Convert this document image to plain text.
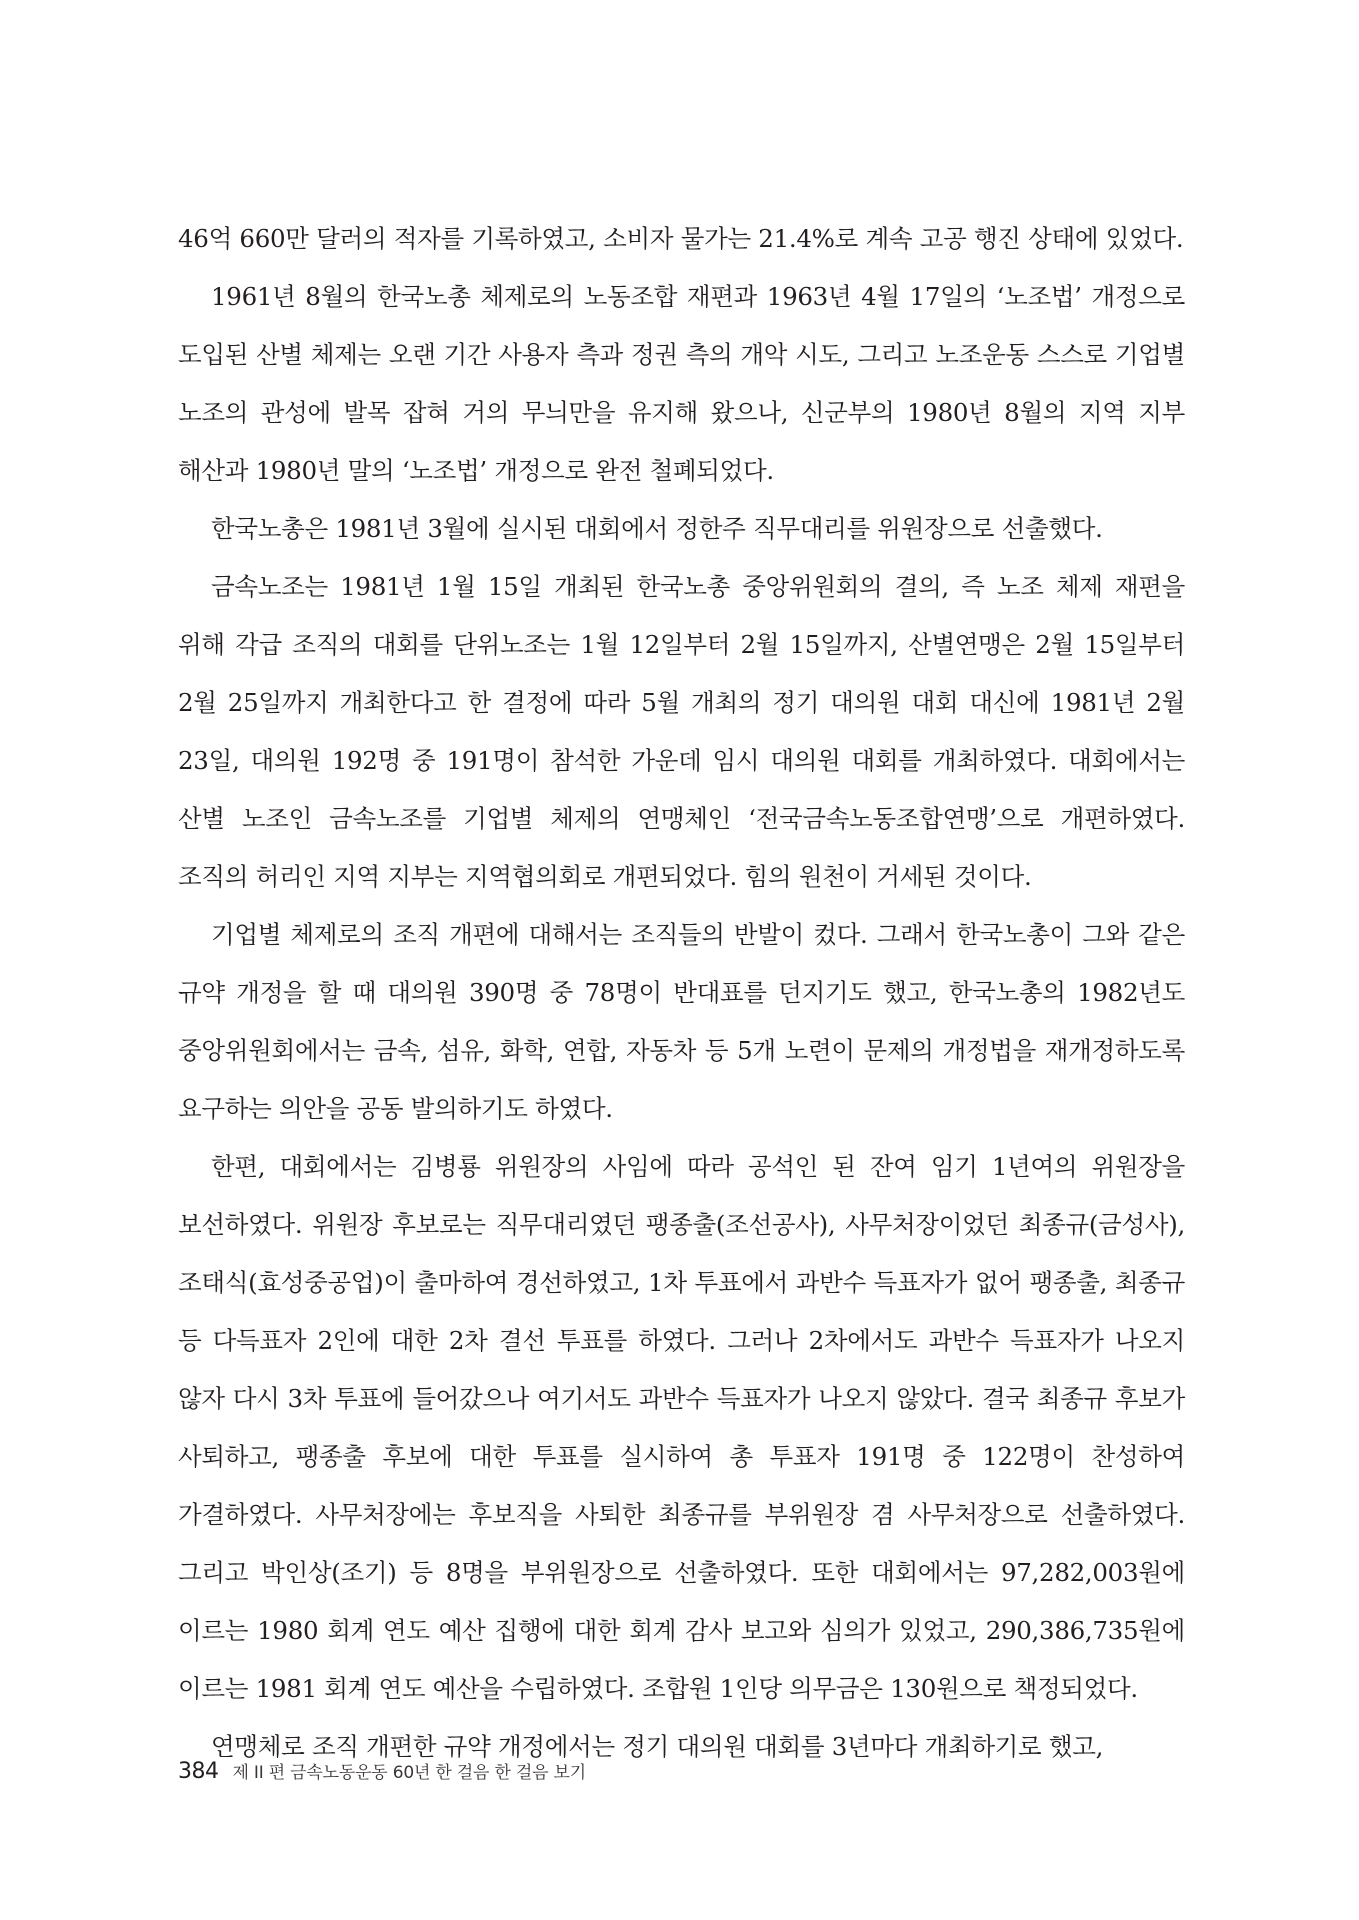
46억 660만 달러의 적자를 기록하였고, 소비자 물가는 21.4%로 계속 고공 행진 상태에 있었다.

1961년 8월의 한국노총 체제로의 노동조합 재편과 1963년 4월 17일의 ‘노조법’ 개정으로 도입된 산별 체제는 오랜 기간 사용자 측과 정권 측의 개악 시도, 그리고 노조운동 스스로 기업별 노조의 관성에 발목 잡혀 거의 무늬만을 유지해 왔으나, 신군부의 1980년 8월의 지역 지부 해산과 1980년 말의 ‘노조법’ 개정으로 완전 철폐되었다.

한국노총은 1981년 3월에 실시된 대회에서 정한주 직무대리를 위원장으로 선출했다.

금속노조는 1981년 1월 15일 개최된 한국노총 중앙위원회의 결의, 즉 노조 체제 재편을 위해 각급 조직의 대회를 단위노조는 1월 12일부터 2월 15일까지, 산별연맹은 2월 15일부터 2월 25일까지 개최한다고 한 결정에 따라 5월 개최의 정기 대의원 대회 대신에 1981년 2월 23일, 대의원 192명 중 191명이 참석한 가운데 임시 대의원 대회를 개최하였다. 대회에서는 산별 노조인 금속노조를 기업별 체제의 연맹체인 ‘전국금속노동조합연맹’으로 개편하였다. 조직의 허리인 지역 지부는 지역협의회로 개편되었다. 힘의 원천이 거세된 것이다.

기업별 체제로의 조직 개편에 대해서는 조직들의 반발이 컸다. 그래서 한국노총이 그와 같은 규약 개정을 할 때 대의원 390명 중 78명이 반대표를 던지기도 했고, 한국노총의 1982년도 중앙위원회에서는 금속, 섬유, 화학, 연합, 자동차 등 5개 노련이 문제의 개정법을 재개정하도록 요구하는 의안을 공동 발의하기도 하였다.

한편, 대회에서는 김병룡 위원장의 사임에 따라 공석인 된 잔여 임기 1년여의 위원장을 보선하였다. 위원장 후보로는 직무대리였던 팽종출(조선공사), 사무처장이었던 최종규(금성사), 조태식(효성중공업)이 출마하여 경선하였고, 1차 투표에서 과반수 득표자가 없어 팽종출, 최종규 등 다득표자 2인에 대한 2차 결선 투표를 하였다. 그러나 2차에서도 과반수 득표자가 나오지 않자 다시 3차 투표에 들어갔으나 여기서도 과반수 득표자가 나오지 않았다. 결국 최종규 후보가 사퇴하고, 팽종출 후보에 대한 투표를 실시하여 총 투표자 191명 중 122명이 찬성하여 가결하였다. 사무처장에는 후보직을 사퇴한 최종규를 부위원장 겸 사무처장으로 선출하였다. 그리고 박인상(조기) 등 8명을 부위원장으로 선출하였다. 또한 대회에서는 97,282,003원에 이르는 1980 회계 연도 예산 집행에 대한 회계 감사 보고와 심의가 있었고, 290,386,735원에 이르는 1981 회계 연도 예산을 수립하였다. 조합원 1인당 의무금은 130원으로 책정되었다.

연맹체로 조직 개편한 규약 개정에서는 정기 대의원 대회를 3년마다 개최하기로 했고,

384 제 II 편 금속노동운동 60년 한 걸음 한 걸음 보기
